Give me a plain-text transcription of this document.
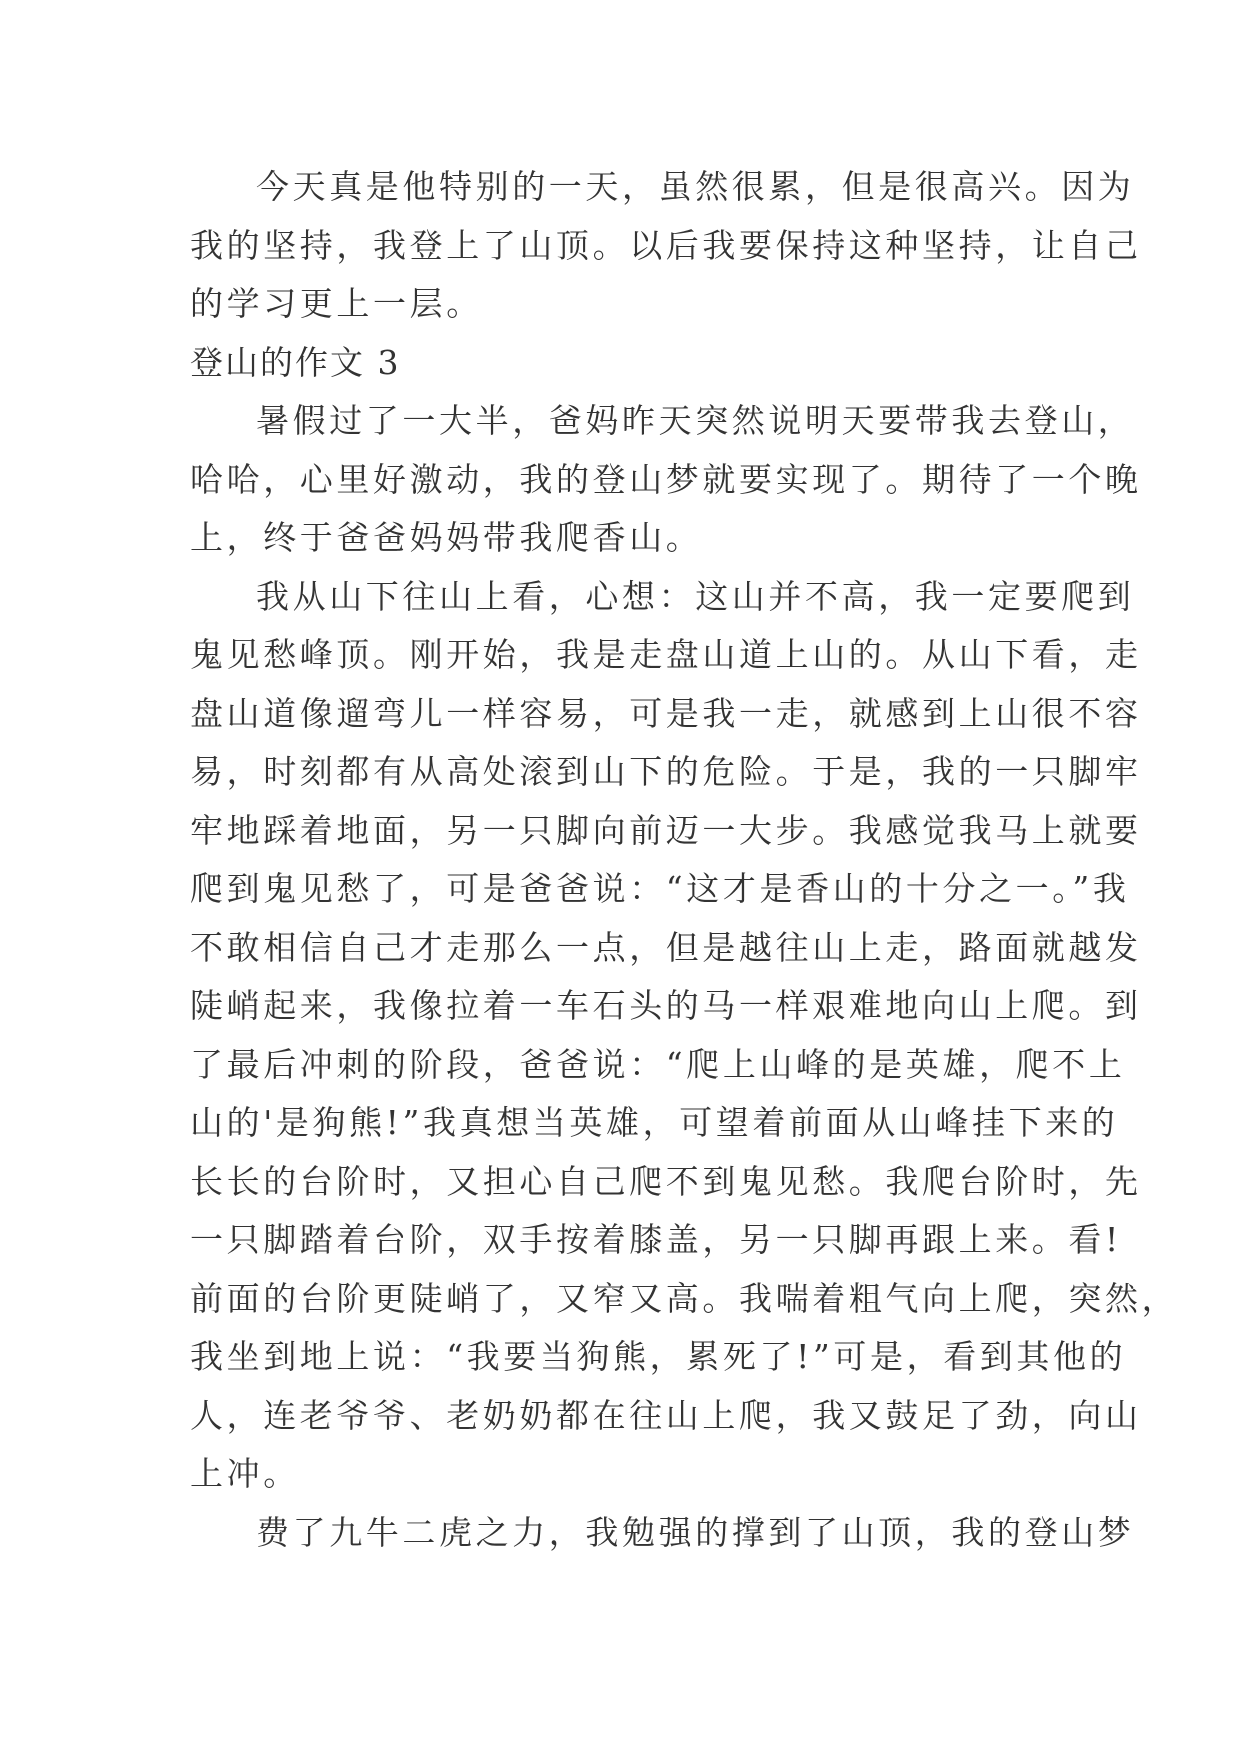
今天真是他特别的一天，虽然很累，但是很高兴。因为
我的坚持，我登上了山顶。以后我要保持这种坚持，让自己
的学习更上一层。
登山的作文 3
暑假过了一大半，爸妈昨天突然说明天要带我去登山，
哈哈，心里好激动，我的登山梦就要实现了。期待了一个晚
上，终于爸爸妈妈带我爬香山。
我从山下往山上看，心想：这山并不高，我一定要爬到
鬼见愁峰顶。刚开始，我是走盘山道上山的。从山下看，走
盘山道像遛弯儿一样容易，可是我一走，就感到上山很不容
易，时刻都有从高处滚到山下的危险。于是，我的一只脚牢
牢地踩着地面，另一只脚向前迈一大步。我感觉我马上就要
爬到鬼见愁了，可是爸爸说：“这才是香山的十分之一。”我
不敢相信自己才走那么一点，但是越往山上走，路面就越发
陡峭起来，我像拉着一车石头的马一样艰难地向山上爬。到
了最后冲刺的阶段，爸爸说：“爬上山峰的是英雄，爬不上
山的'是狗熊!”我真想当英雄，可望着前面从山峰挂下来的
长长的台阶时，又担心自己爬不到鬼见愁。我爬台阶时，先
一只脚踏着台阶，双手按着膝盖，另一只脚再跟上来。看!
前面的台阶更陡峭了，又窄又高。我喘着粗气向上爬，突然，
我坐到地上说：“我要当狗熊，累死了!”可是，看到其他的
人，连老爷爷、老奶奶都在往山上爬，我又鼓足了劲，向山
上冲。
费了九牛二虎之力，我勉强的撑到了山顶，我的登山梦
